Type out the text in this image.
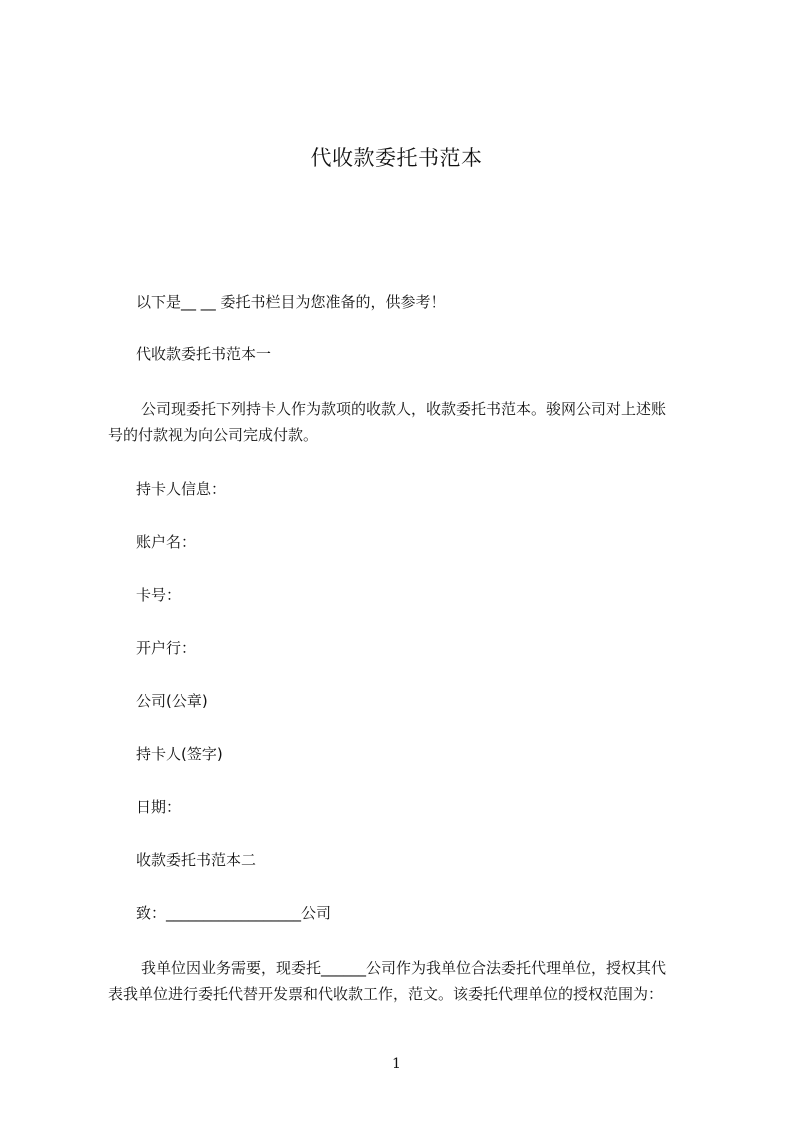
代收款委托书范本
以下是__ __ 委托书栏目为您准备的，供参考！
代收款委托书范本一
公司现委托下列持卡人作为款项的收款人，收款委托书范本。骏网公司对上述账
号的付款视为向公司完成付款。
持卡人信息：
账户名：
卡号：
开户行：
公司(公章)
持卡人(签字)
日期：
收款委托书范本二
致：__________________公司
我单位因业务需要，现委托______公司作为我单位合法委托代理单位，授权其代
表我单位进行委托代替开发票和代收款工作，范文。该委托代理单位的授权范围为：
1
